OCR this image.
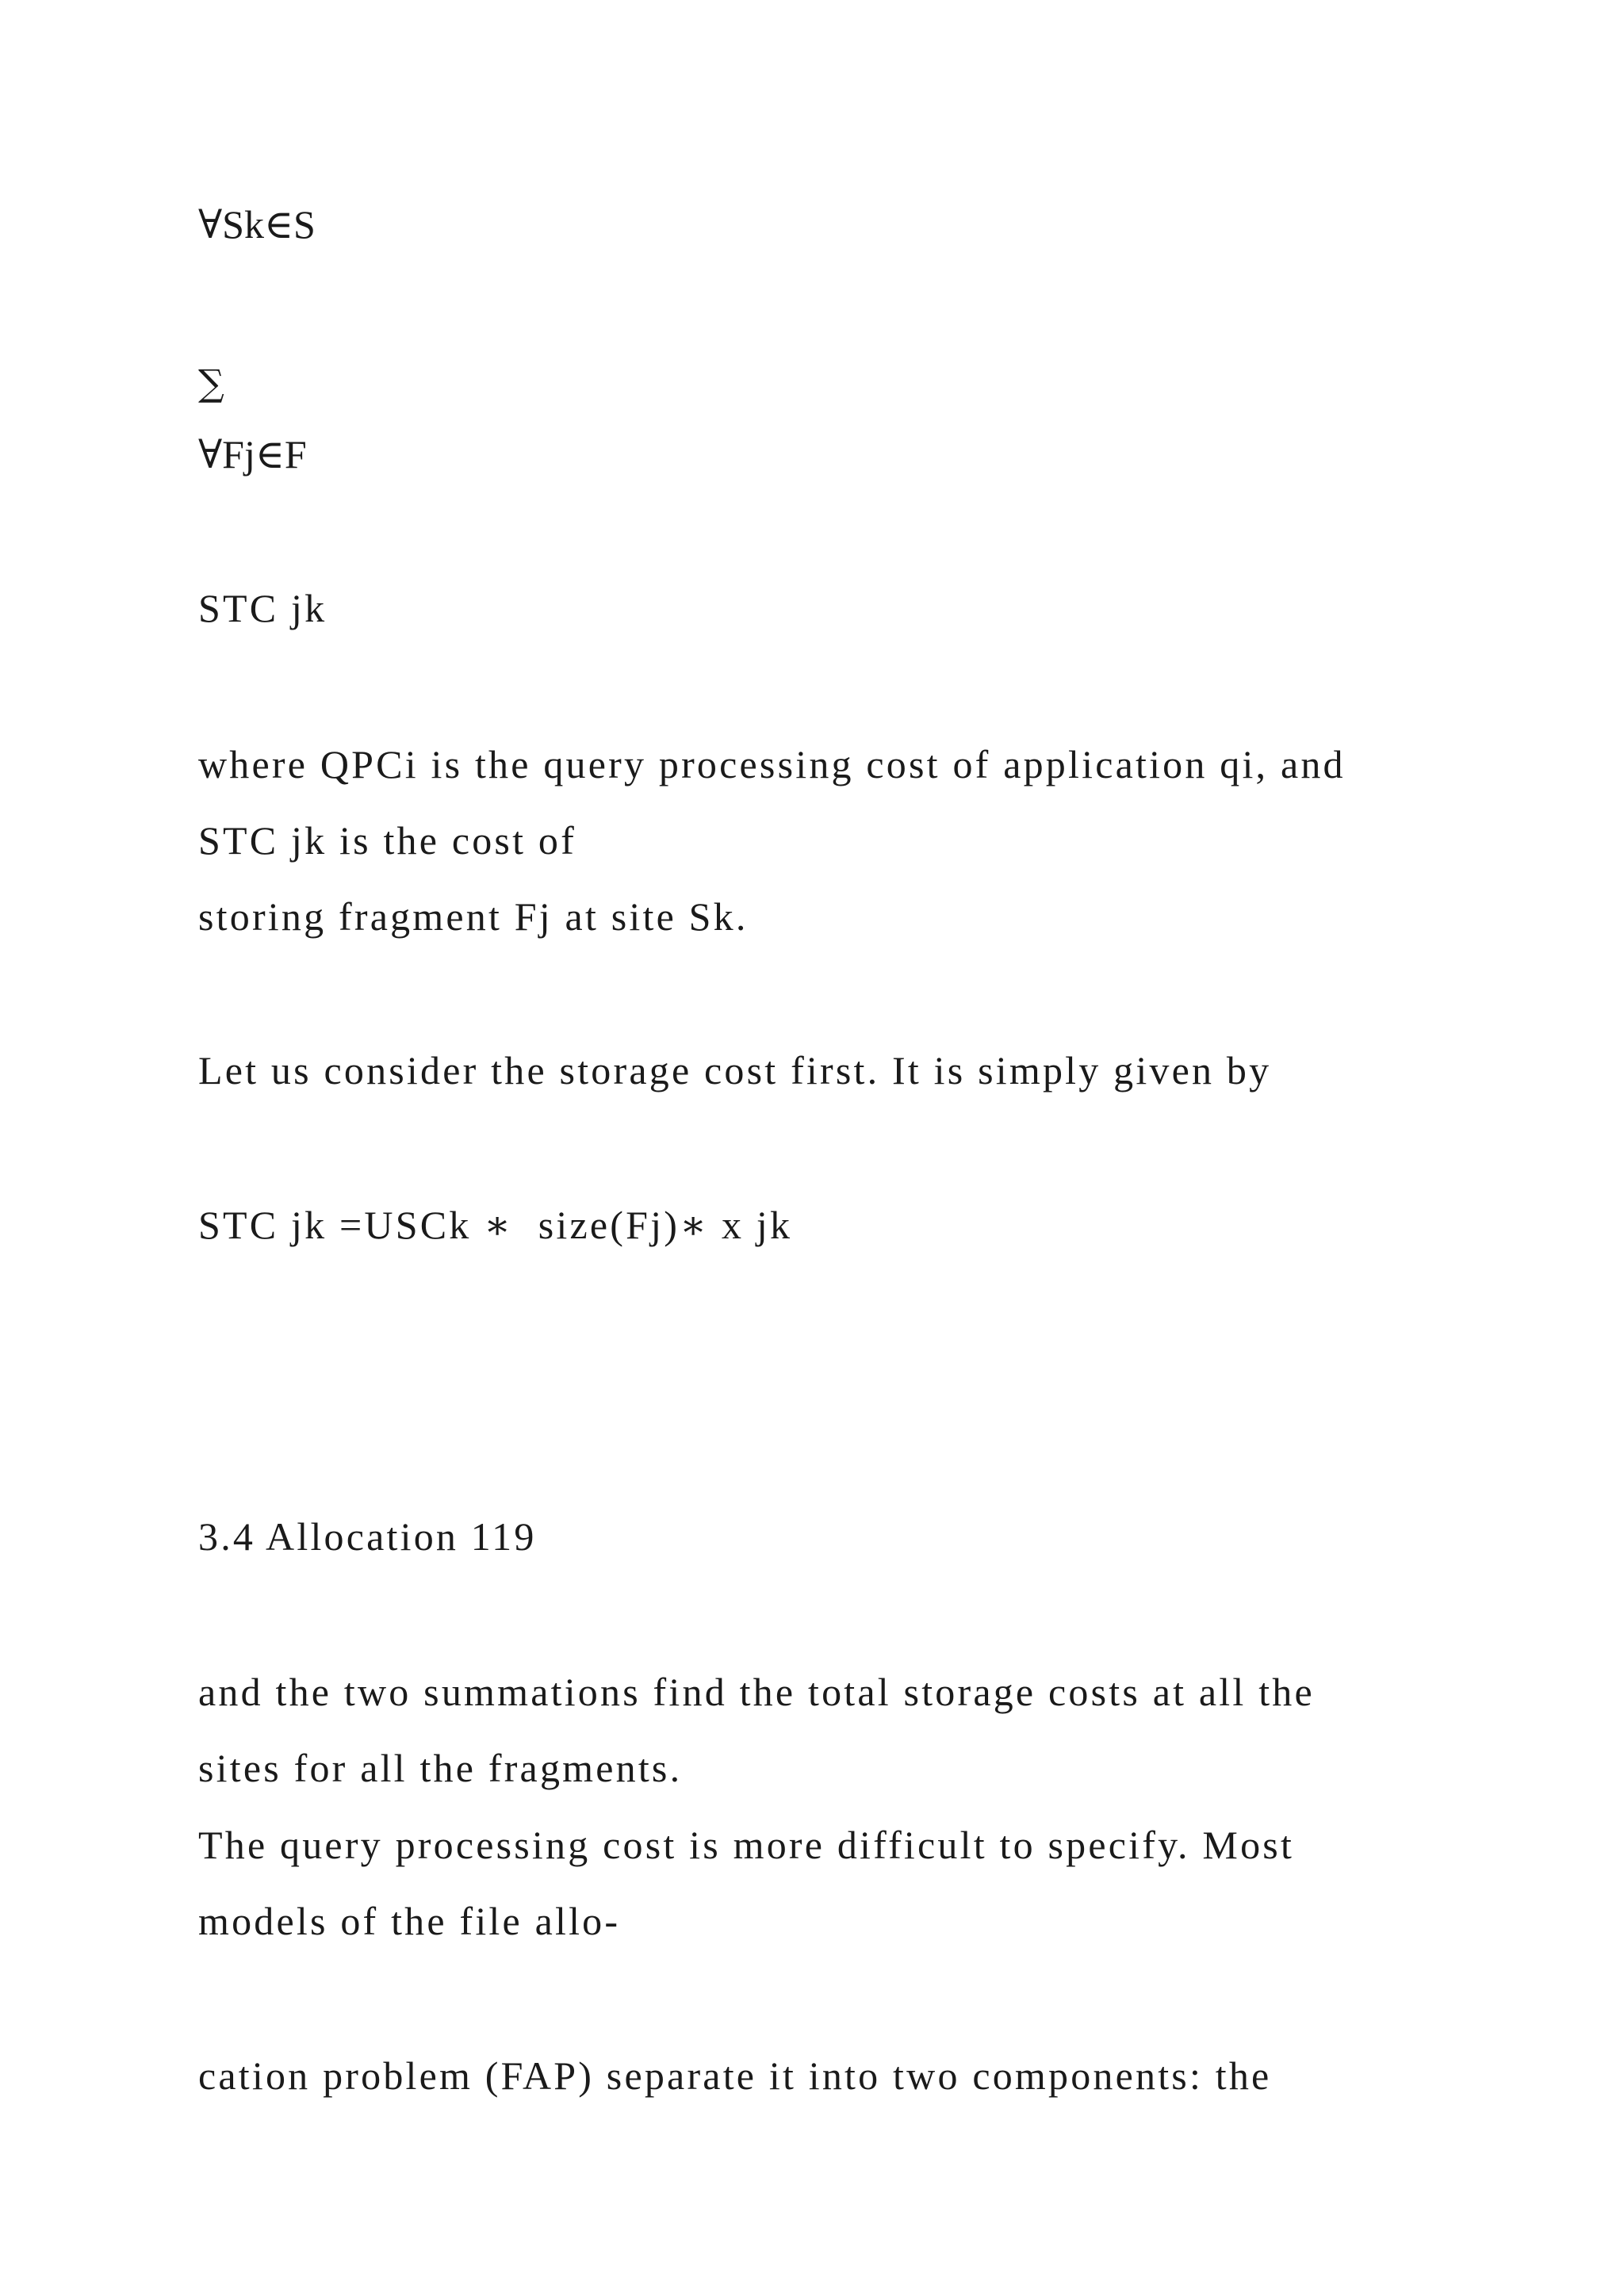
∀Sk∈S
∑
∀Fj∈F
STC jk
where QPCi is the query processing cost of application qi, and
STC jk is the cost of
storing fragment Fj at site Sk.
Let us consider the storage cost first. It is simply given by
STC jk =USCk ∗  size(Fj)∗ x jk
3.4 Allocation 119
and the two summations find the total storage costs at all the
sites for all the fragments.
The query processing cost is more difficult to specify. Most
models of the file allo-
cation problem (FAP) separate it into two components: the
